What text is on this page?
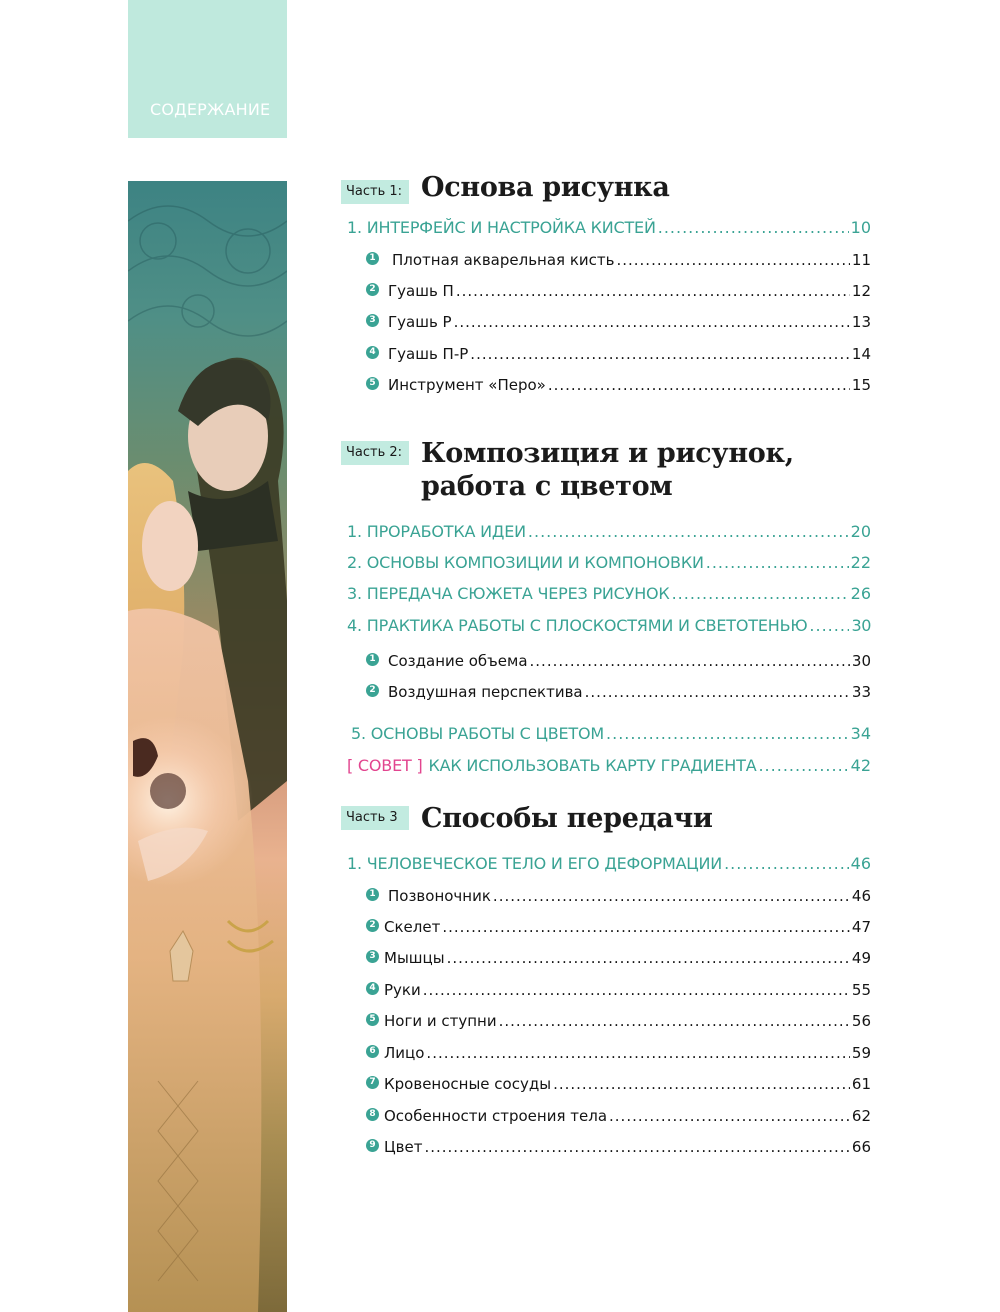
СОДЕРЖАНИЕ
Часть 1: Основа рисунка
1. ИНТЕРФЕЙС И НАСТРОЙКА КИСТЕЙ .....	10
1 Плотная акварельная кисть .....	11
2 Гуашь П .....	12
3 Гуашь Р .....	13
4 Гуашь П-Р .....	14
5 Инструмент «Перо» .....	15
Часть 2: Композиция и рисунок,
работа с цветом
1. ПРОРАБОТКА ИДЕИ .....	20
2. ОСНОВЫ КОМПОЗИЦИИ И КОМПОНОВКИ .....	22
3. ПЕРЕДАЧА СЮЖЕТА ЧЕРЕЗ РИСУНОК .....	26
4. ПРАКТИКА РАБОТЫ С ПЛОСКОСТЯМИ И СВЕТОТЕНЬЮ .....	30
1 Создание объема .....	30
2 Воздушная перспектива .....	33
5. ОСНОВЫ РАБОТЫ С ЦВЕТОМ .....	34
[ СОВЕТ ] КАК ИСПОЛЬЗОВАТЬ КАРТУ ГРАДИЕНТА .....	42
Часть 3 Способы передачи
1. ЧЕЛОВЕЧЕСКОЕ ТЕЛО И ЕГО ДЕФОРМАЦИИ .....	46
1 Позвоночник .....	46
2 Скелет .....	47
3 Мышцы .....	49
4 Руки .....	55
5 Ноги и ступни .....	56
6 Лицо .....	59
7 Кровеносные сосуды .....	61
8 Особенности строения тела .....	62
9 Цвет .....	66
